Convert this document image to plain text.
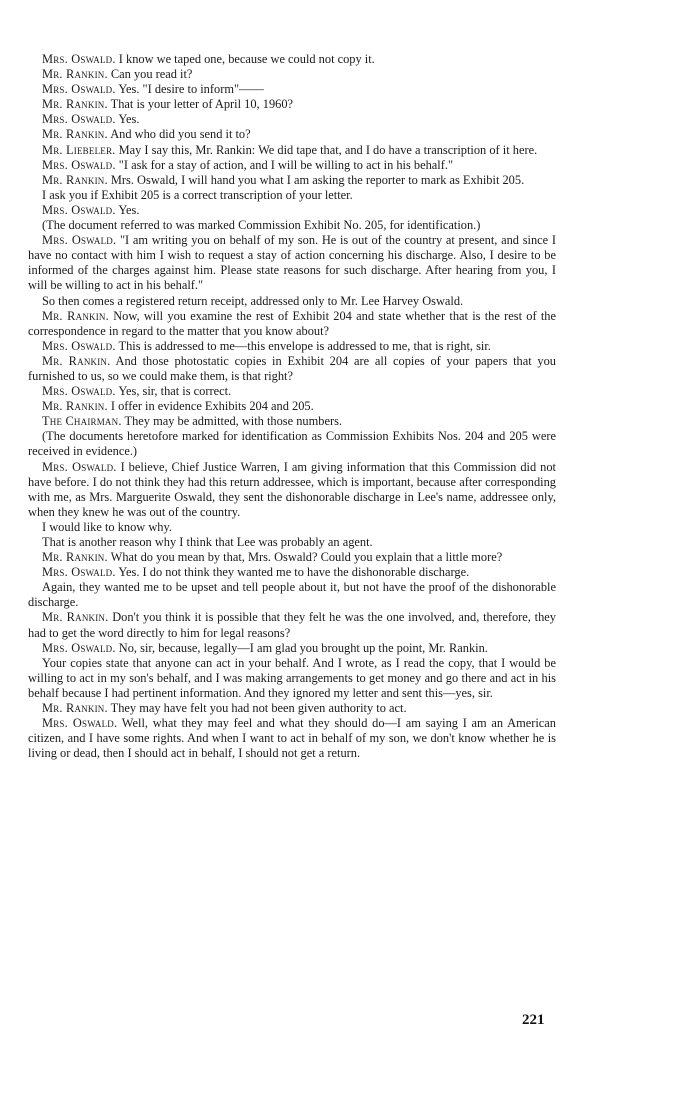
Mrs. Oswald. I know we taped one, because we could not copy it.

Mr. Rankin. Can you read it?

Mrs. Oswald. Yes. "I desire to inform"——

Mr. Rankin. That is your letter of April 10, 1960?

Mrs. Oswald. Yes.

Mr. Rankin. And who did you send it to?

Mr. Liebeler. May I say this, Mr. Rankin: We did tape that, and I do have a transcription of it here.

Mrs. Oswald. "I ask for a stay of action, and I will be willing to act in his behalf."

Mr. Rankin. Mrs. Oswald, I will hand you what I am asking the reporter to mark as Exhibit 205.

I ask you if Exhibit 205 is a correct transcription of your letter.

Mrs. Oswald. Yes.

(The document referred to was marked Commission Exhibit No. 205, for identification.)

Mrs. Oswald. "I am writing you on behalf of my son. He is out of the country at present, and since I have no contact with him I wish to request a stay of action concerning his discharge. Also, I desire to be informed of the charges against him. Please state reasons for such discharge. After hearing from you, I will be willing to act in his behalf."

So then comes a registered return receipt, addressed only to Mr. Lee Harvey Oswald.

Mr. Rankin. Now, will you examine the rest of Exhibit 204 and state whether that is the rest of the correspondence in regard to the matter that you know about?

Mrs. Oswald. This is addressed to me—this envelope is addressed to me, that is right, sir.

Mr. Rankin. And those photostatic copies in Exhibit 204 are all copies of your papers that you furnished to us, so we could make them, is that right?

Mrs. Oswald. Yes, sir, that is correct.

Mr. Rankin. I offer in evidence Exhibits 204 and 205.

The Chairman. They may be admitted, with those numbers.

(The documents heretofore marked for identification as Commission Exhibits Nos. 204 and 205 were received in evidence.)

Mrs. Oswald. I believe, Chief Justice Warren, I am giving information that this Commission did not have before. I do not think they had this return addressee, which is important, because after corresponding with me, as Mrs. Marguerite Oswald, they sent the dishonorable discharge in Lee's name, addressee only, when they knew he was out of the country.

I would like to know why.

That is another reason why I think that Lee was probably an agent.

Mr. Rankin. What do you mean by that, Mrs. Oswald? Could you explain that a little more?

Mrs. Oswald. Yes. I do not think they wanted me to have the dishonorable discharge.

Again, they wanted me to be upset and tell people about it, but not have the proof of the dishonorable discharge.

Mr. Rankin. Don't you think it is possible that they felt he was the one involved, and, therefore, they had to get the word directly to him for legal reasons?

Mrs. Oswald. No, sir, because, legally—I am glad you brought up the point, Mr. Rankin.

Your copies state that anyone can act in your behalf. And I wrote, as I read the copy, that I would be willing to act in my son's behalf, and I was making arrangements to get money and go there and act in his behalf because I had pertinent information. And they ignored my letter and sent this—yes, sir.

Mr. Rankin. They may have felt you had not been given authority to act.

Mrs. Oswald. Well, what they may feel and what they should do—I am saying I am an American citizen, and I have some rights. And when I want to act in behalf of my son, we don't know whether he is living or dead, then I should act in behalf, I should not get a return.

221
